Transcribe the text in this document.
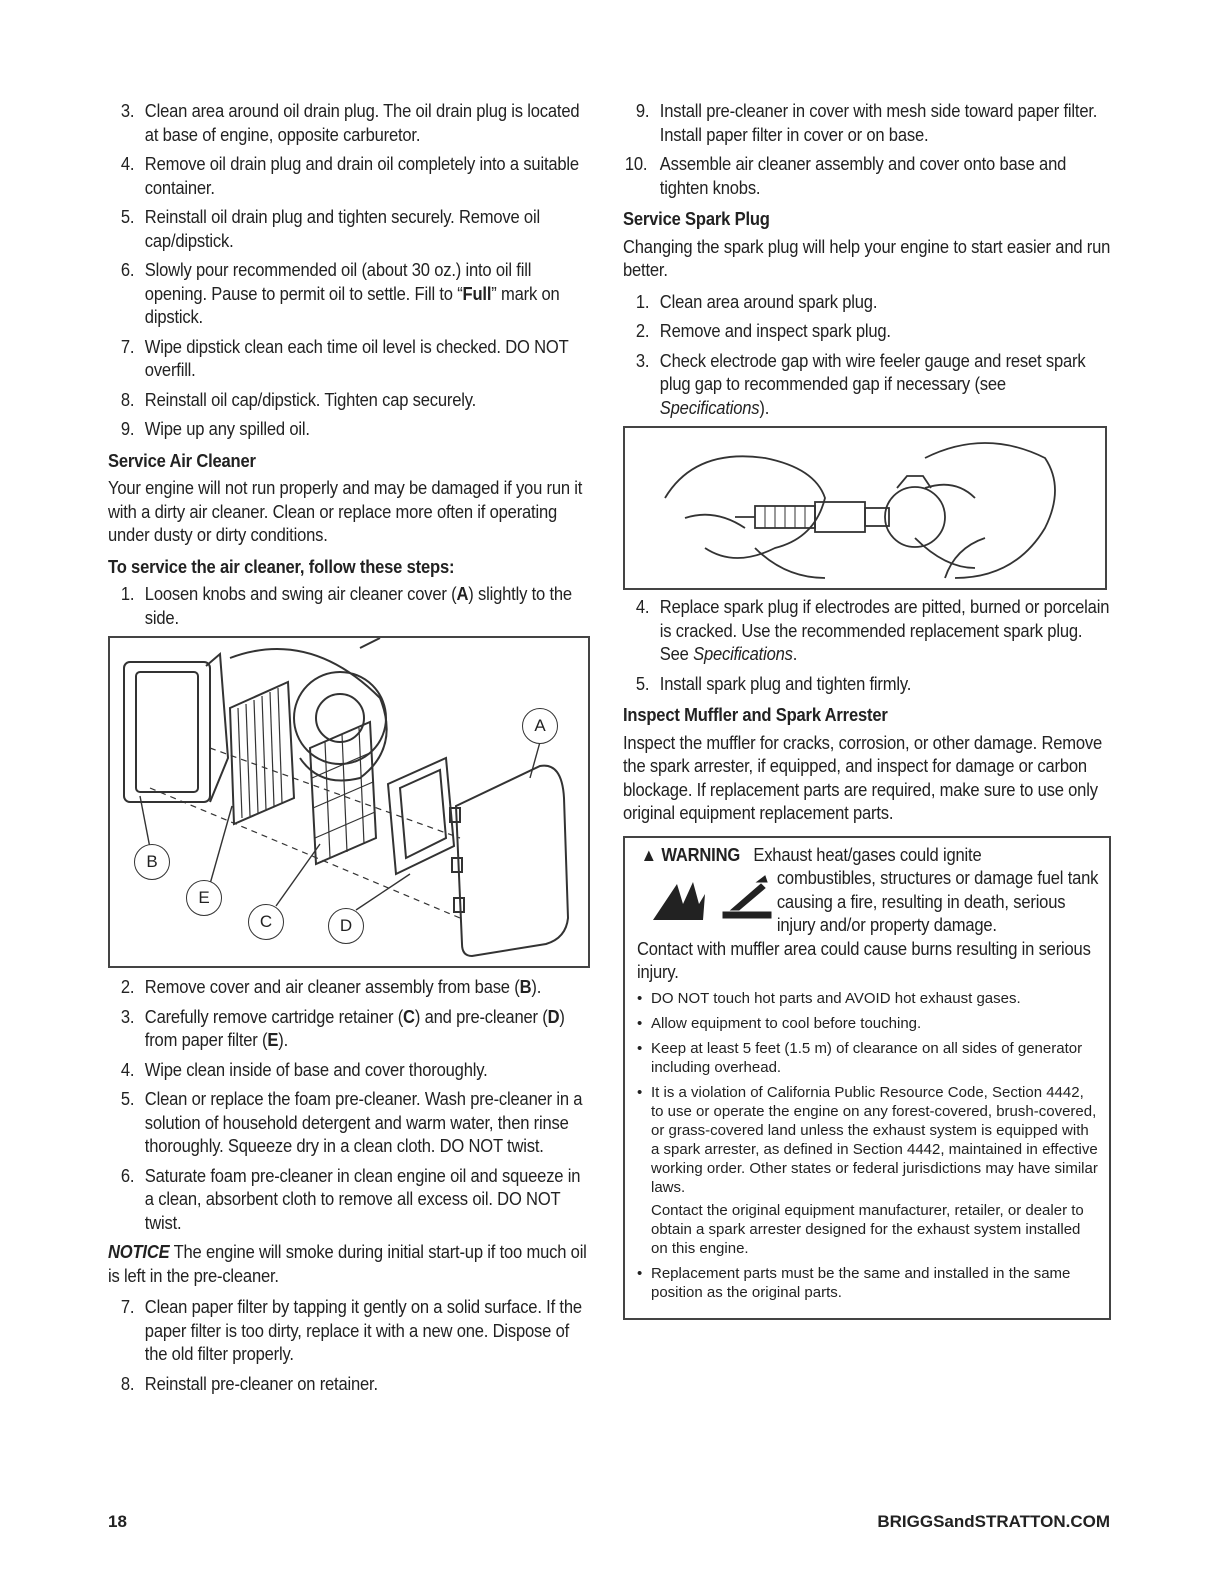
3. Clean area around oil drain plug. The oil drain plug is located at base of engine, opposite carburetor.
4. Remove oil drain plug and drain oil completely into a suitable container.
5. Reinstall oil drain plug and tighten securely. Remove oil cap/dipstick.
6. Slowly pour recommended oil (about 30 oz.) into oil fill opening. Pause to permit oil to settle. Fill to “Full” mark on dipstick.
7. Wipe dipstick clean each time oil level is checked. DO NOT overfill.
8. Reinstall oil cap/dipstick. Tighten cap securely.
9. Wipe up any spilled oil.
Service Air Cleaner

Your engine will not run properly and may be damaged if you run it with a dirty air cleaner. Clean or replace more often if operating under dusty or dirty conditions.

To service the air cleaner, follow these steps:
1. Loosen knobs and swing air cleaner cover (A) slightly to the side.
A
B
E
C	D
2. Remove cover and air cleaner assembly from base (B).
3. Carefully remove cartridge retainer (C) and pre-cleaner (D) from paper filter (E).
4. Wipe clean inside of base and cover thoroughly.
5. Clean or replace the foam pre-cleaner. Wash pre-cleaner in a solution of household detergent and warm water, then rinse thoroughly. Squeeze dry in a clean cloth. DO NOT twist.
6. Saturate foam pre-cleaner in clean engine oil and squeeze in a clean, absorbent cloth to remove all excess oil. DO NOT twist.

NOTICE The engine will smoke during initial start-up if too much oil is left in the pre-cleaner.

7. Clean paper filter by tapping it gently on a solid surface. If the paper filter is too dirty, replace it with a new one. Dispose of the old filter properly.
8. Reinstall pre-cleaner on retainer.
9. Install pre-cleaner in cover with mesh side toward paper filter. Install paper filter in cover or on base.
10. Assemble air cleaner assembly and cover onto base and tighten knobs.
Service Spark Plug

Changing the spark plug will help your engine to start easier and run better.

1. Clean area around spark plug.
2. Remove and inspect spark plug.
3. Check electrode gap with wire feeler gauge and reset spark plug gap to recommended gap if necessary (see Specifications).
4. Replace spark plug if electrodes are pitted, burned or porcelain is cracked. Use the recommended replacement spark plug. See Specifications.
5. Install spark plug and tighten firmly.
Inspect Muffler and Spark Arrester

Inspect the muffler for cracks, corrosion, or other damage. Remove the spark arrester, if equipped, and inspect for damage or carbon blockage. If replacement parts are required, make sure to use only original equipment replacement parts.

▲ WARNING Exhaust heat/gases could ignite
combustibles, structures or damage fuel tank causing a fire, resulting in death, serious injury and/or property damage.
Contact with muffler area could cause burns resulting in serious injury.
• DO NOT touch hot parts and AVOID hot exhaust gases.
• Allow equipment to cool before touching.
• Keep at least 5 feet (1.5 m) of clearance on all sides of generator including overhead.
• It is a violation of California Public Resource Code, Section 4442, to use or operate the engine on any forest-covered, brush-covered, or grass-covered land unless the exhaust system is equipped with a spark arrester, as defined in Section 4442, maintained in effective working order. Other states or federal jurisdictions may have similar laws.
Contact the original equipment manufacturer, retailer, or dealer to obtain a spark arrester designed for the exhaust system installed on this engine.
• Replacement parts must be the same and installed in the same position as the original parts.
18	BRIGGSandSTRATTON.COM
